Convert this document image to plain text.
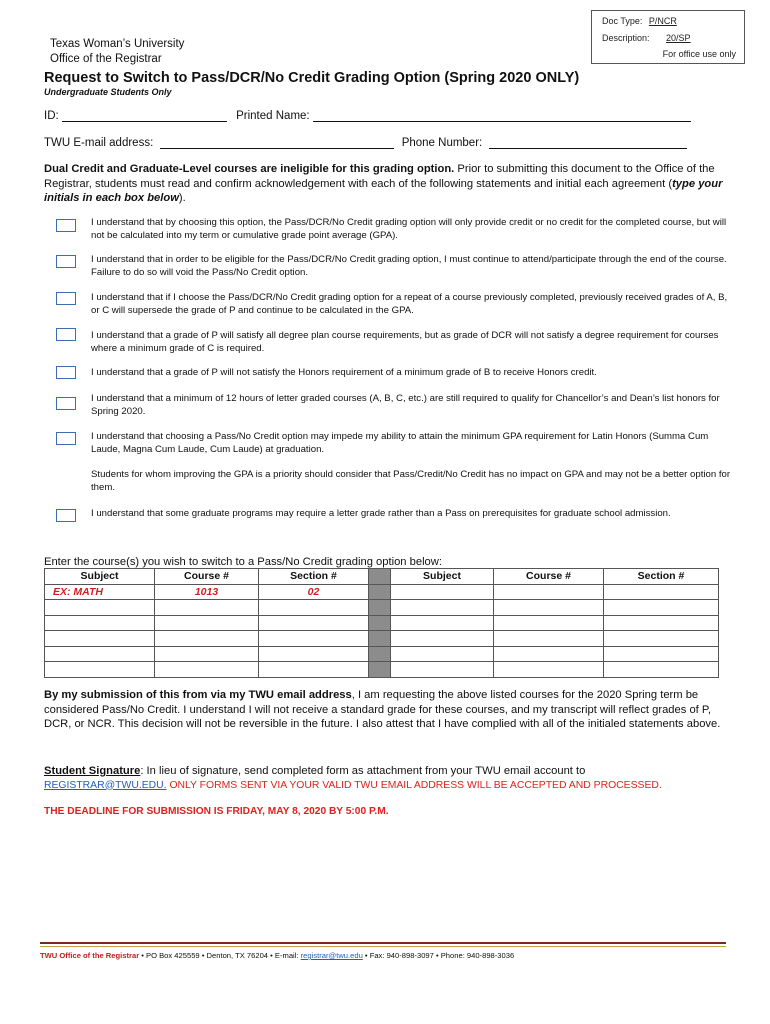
Doc Type: P/NCR
Description: 20/SP
For office use only
Texas Woman’s University
Office of the Registrar
Request to Switch to Pass/DCR/No Credit Grading Option (Spring 2020 ONLY)
Undergraduate Students Only
ID:	Printed Name:
TWU E-mail address:	Phone Number:
Dual Credit and Graduate-Level courses are ineligible for this grading option. Prior to submitting this document to the Office of the Registrar, students must read and confirm acknowledgement with each of the following statements and initial each agreement (type your initials in each box below).
I understand that by choosing this option, the Pass/DCR/No Credit grading option will only provide credit or no credit for the completed course, but will not be calculated into my term or cumulative grade point average (GPA).
I understand that in order to be eligible for the Pass/DCR/No Credit grading option, I must continue to attend/participate through the end of the course. Failure to do so will void the Pass/No Credit option.
I understand that if I choose the Pass/DCR/No Credit grading option for a repeat of a course previously completed, previously received grades of A, B, or C will supersede the grade of P and continue to be calculated in the GPA.
I understand that a grade of P will satisfy all degree plan course requirements, but as grade of DCR will not satisfy a degree requirement for courses where a minimum grade of C is required.
I understand that a grade of P will not satisfy the Honors requirement of a minimum grade of B to receive Honors credit.
I understand that a minimum of 12 hours of letter graded courses (A, B, C, etc.) are still required to qualify for Chancellor’s and Dean’s list honors for Spring 2020.
I understand that choosing a Pass/No Credit option may impede my ability to attain the minimum GPA requirement for Latin Honors (Summa Cum Laude, Magna Cum Laude, Cum Laude) at graduation.
Students for whom improving the GPA is a priority should consider that Pass/Credit/No Credit has no impact on GPA and may not be a better option for them.
I understand that some graduate programs may require a letter grade rather than a Pass on prerequisites for graduate school admission.
Enter the course(s) you wish to switch to a Pass/No Credit grading option below:
Subject	Course #	Section #		Subject	Course #	Section #
EX: MATH	1013	02				

By my submission of this from via my TWU email address, I am requesting the above listed courses for the 2020 Spring term be considered Pass/No Credit. I understand I will not receive a standard grade for these courses, and my transcript will reflect grades of P, DCR, or NCR. This decision will not be reversible in the future. I also attest that I have complied with all of the initialed statements above.
Student Signature: In lieu of signature, send completed form as attachment from your TWU email account to
REGISTRAR@TWU.EDU. ONLY FORMS SENT VIA YOUR VALID TWU EMAIL ADDRESS WILL BE ACCEPTED AND PROCESSED.
THE DEADLINE FOR SUBMISSION IS FRIDAY, MAY 8, 2020 BY 5:00 P.M.
TWU Office of the Registrar • PO Box 425559 • Denton, TX 76204 • E-mail: registrar@twu.edu • Fax: 940-898-3097 • Phone: 940-898-3036
